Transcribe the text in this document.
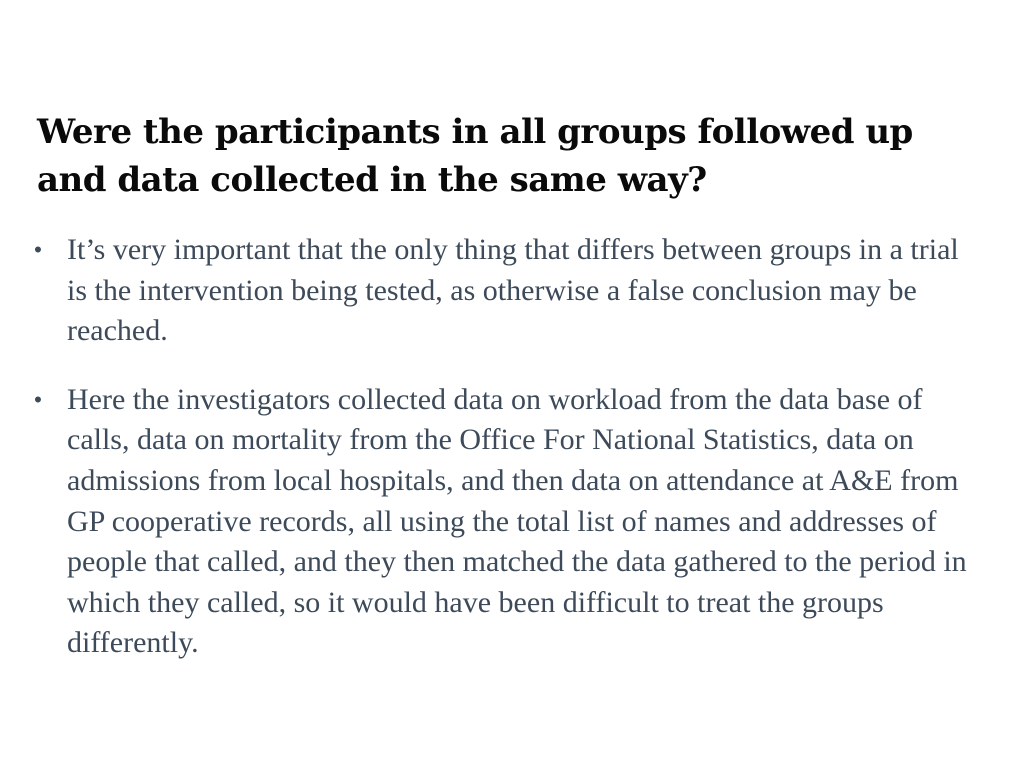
Were the participants in all groups followed up and data collected in the same way?
• It’s very important that the only thing that differs between groups in a trial is the intervention being tested, as otherwise a false conclusion may be reached.
• Here the investigators collected data on workload from the data base of calls, data on mortality from the Office For National Statistics, data on admissions from local hospitals, and then data on attendance at A&E from GP cooperative records, all using the total list of names and addresses of people that called, and they then matched the data gathered to the period in which they called, so it would have been difficult to treat the groups differently.
